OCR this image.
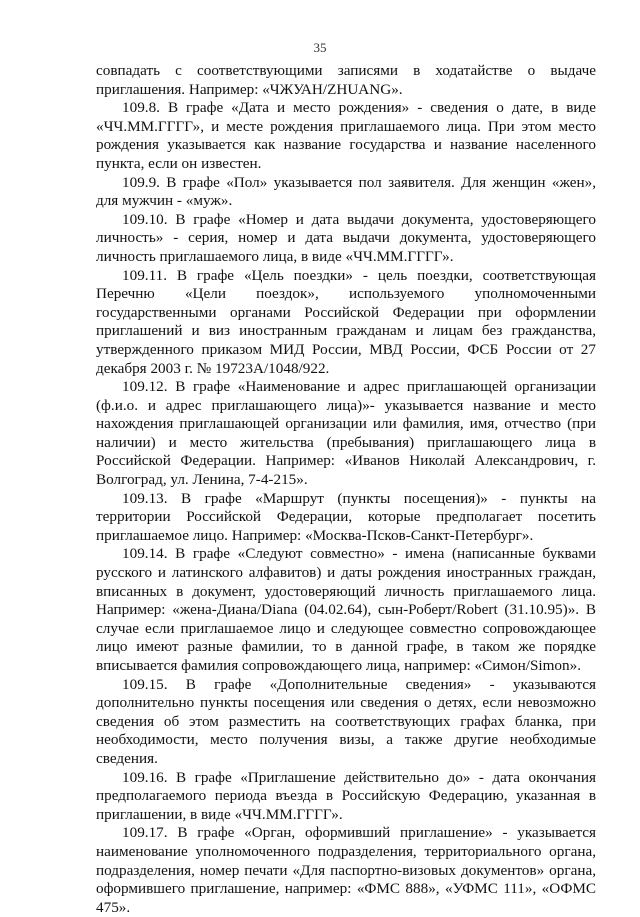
35

совпадать с соответствующими записями в ходатайстве о выдаче приглашения. Например: «ЧЖУАН/ZHUANG».

109.8. В графе «Дата и место рождения» - сведения о дате, в виде «ЧЧ.ММ.ГГГГ», и месте рождения приглашаемого лица. При этом место рождения указывается как название государства и название населенного пункта, если он известен.

109.9. В графе «Пол» указывается пол заявителя. Для женщин «жен», для мужчин - «муж».

109.10. В графе «Номер и дата выдачи документа, удостоверяющего личность» - серия, номер и дата выдачи документа, удостоверяющего личность приглашаемого лица, в виде «ЧЧ.ММ.ГГГГ».

109.11. В графе «Цель поездки» - цель поездки, соответствующая Перечню «Цели поездок», используемого уполномоченными государственными органами Российской Федерации при оформлении приглашений и виз иностранным гражданам и лицам без гражданства, утвержденного приказом МИД России, МВД России, ФСБ России от 27 декабря 2003 г. № 19723А/1048/922.

109.12. В графе «Наименование и адрес приглашающей организации (ф.и.о. и адрес приглашающего лица)»- указывается название и место нахождения приглашающей организации или фамилия, имя, отчество (при наличии) и место жительства (пребывания) приглашающего лица в Российской Федерации. Например: «Иванов Николай Александрович, г. Волгоград, ул. Ленина, 7-4-215».

109.13. В графе «Маршрут (пункты посещения)» - пункты на территории Российской Федерации, которые предполагает посетить приглашаемое лицо. Например: «Москва-Псков-Санкт-Петербург».

109.14. В графе «Следуют совместно» - имена (написанные буквами русского и латинского алфавитов) и даты рождения иностранных граждан, вписанных в документ, удостоверяющий личность приглашаемого лица. Например: «жена-Диана/Diana (04.02.64), сын-Роберт/Robert (31.10.95)». В случае если приглашаемое лицо и следующее совместно сопровождающее лицо имеют разные фамилии, то в данной графе, в таком же порядке вписывается фамилия сопровождающего лица, например: «Симон/Simon».

109.15. В графе «Дополнительные сведения» - указываются дополнительно пункты посещения или сведения о детях, если невозможно сведения об этом разместить на соответствующих графах бланка, при необходимости, место получения визы, а также другие необходимые сведения.

109.16. В графе «Приглашение действительно до» - дата окончания предполагаемого периода въезда в Российскую Федерацию, указанная в приглашении, в виде «ЧЧ.ММ.ГГГГ».

109.17. В графе «Орган, оформивший приглашение» - указывается наименование уполномоченного подразделения, территориального органа, подразделения, номер печати «Для паспортно-визовых документов» органа, оформившего приглашение, например: «ФМС 888», «УФМС 111», «ОФМС 475».
